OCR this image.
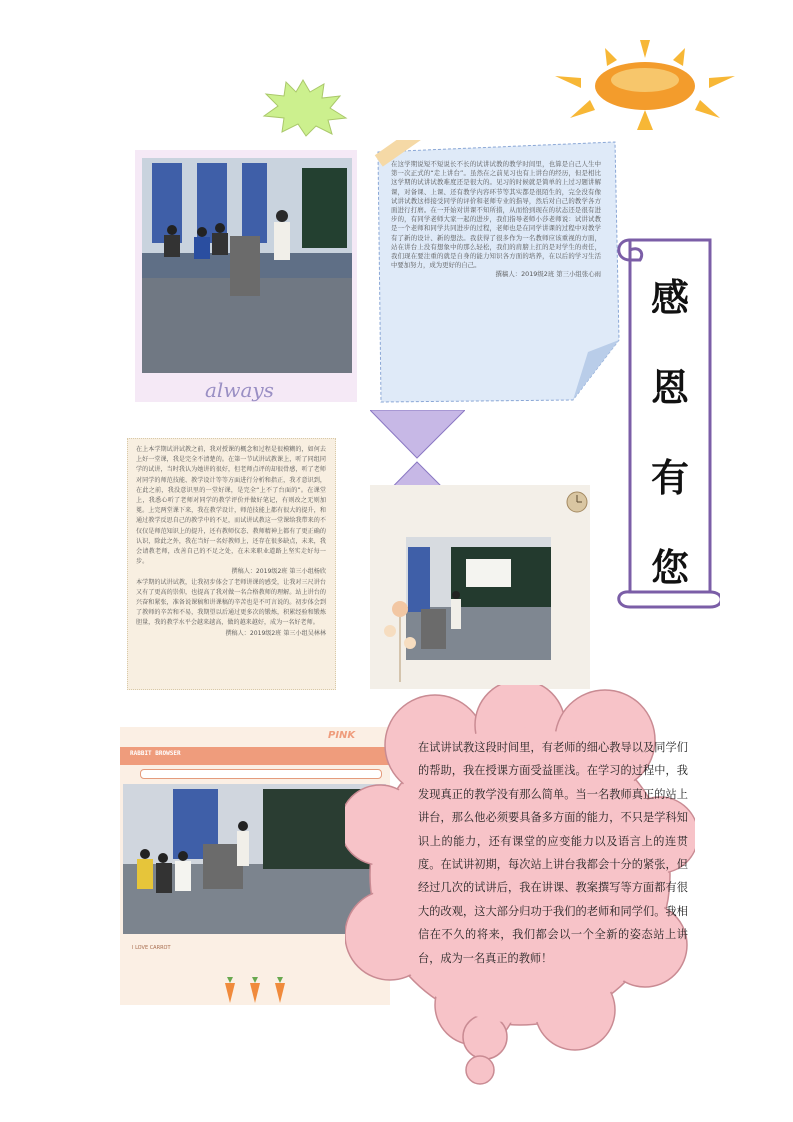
always
在这学期说短不短说长不长的试讲试教的教学时间里，也算是自己人生中第一次正式的“走上讲台”。虽然在之前见习也有上讲台的经历，但是相比这学期的试讲试教难度还是很大的。见习的时候就是简单的上过习题讲解课，对备课、上课、还有教学内容环节等其实都是很陌生的，完全没有像试讲试教这样接受同学的评价和老师专业的指导，然后对自己的教学各方面进行打磨。在一开始对讲课不知所措，从而恰到现在的状态还是很有进步的，有同学老师大家一起的进步，我们指导老师小莎老师说：试讲试教是一个老师和同学共同进步的过程，老师也是在同学讲课的过程中对教学有了新的设计、新的想法。我获得了很多作为一名教师应该重视的方面，站在讲台上没有想象中的那么轻松，我们的肩膀上扛的是对学生的责任，我们现在要注重的就是自身的能力知识各方面的培养，在以后的学习生活中要加努力，成为更好的自己。
撰稿人：2019级2班 第三小组张心雨
感
恩
有
您
在上本学期试讲试教之前，我对授课的概念和过程是很模糊的，如何去上好一堂课，我是完全不清楚的。在第一节试讲试教课上，听了同组同学的试讲，当时我认为她讲的很好，但老师点评的却很骨感，听了老师对同学的师范技能、教学设计等等方面进行分析和指正，我才意识到，在此之前，我没意识里的一堂好课，是完全“上不了台面的”。在课堂上，我悉心听了老师对同学的教学评价并做好笔记，有则改之无则加冕。上完两堂课下来，我在教学设计，师范技能上都有很大的提升，和通过教学反思自己的教学中的不足，而试讲试教这一堂课给我带来的不仅仅是师范知识上的提升，还有教师仪态、教师精神上都有了更正确的认识，除此之外，我在当好一名好教师上，还存在很多缺点，未来，我会请教老师，改善自己的不足之处，在未来职业道路上坚实走好每一步。
撰稿人：2019级2班 第三小组杨欣
本学期的试讲试教，让我初步体会了老师讲课的感受，让我对三尺讲台又有了更高的崇仰，也提高了我对做一名合格教师的理解。站上讲台的兴奋和紧张，准备说课稿和讲课稿的辛苦也是不可言说的。初步体会到了教师的辛苦和不易，我期望以后通过更多次的锻炼，积累经验和锻炼胆量，我的教学水平会越来越高，做的越来越好，成为一名好老师。
撰稿人：2019级2班 第三小组吴林林
RABBIT BROWSER
PINK
I LOVE CARROT
在试讲试教这段时间里，有老师的细心教导以及同学们的帮助，我在授课方面受益匪浅。在学习的过程中，我发现真正的教学没有那么简单。当一名教师真正的站上讲台，那么他必须要具备多方面的能力，不只是学科知识上的能力，还有课堂的应变能力以及语言上的连贯度。在试讲初期，每次站上讲台我都会十分的紧张，但经过几次的试讲后，我在讲课、教案撰写等方面都有很大的改观，这大部分归功于我们的老师和同学们。我相信在不久的将来，我们都会以一个全新的姿态站上讲台，成为一名真正的教师！
